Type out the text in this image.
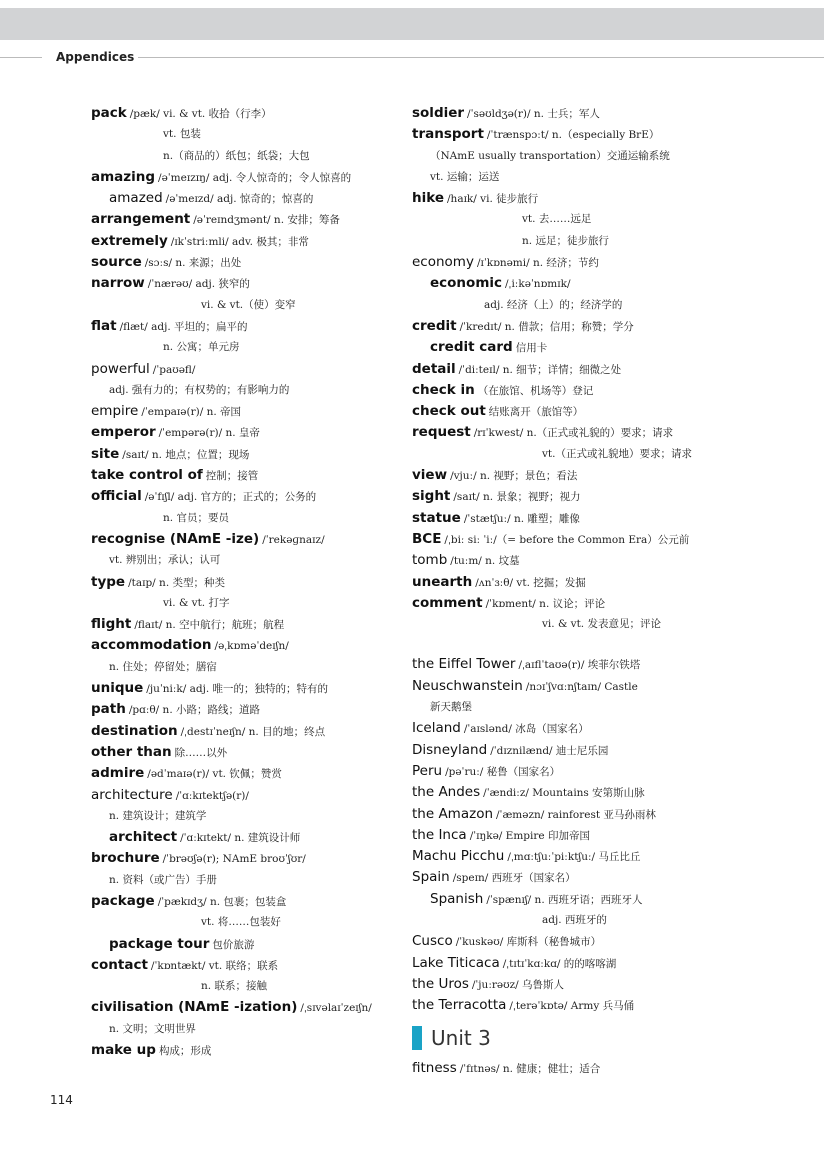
Appendices
pack /pæk/ vi. & vt. 收拾（行李）
vt. 包装
n.（商品的）纸包；纸袋；大包
amazing /əˈmeɪzɪŋ/ adj. 令人惊奇的；令人惊喜的
amazed /əˈmeɪzd/ adj. 惊奇的；惊喜的
arrangement /əˈreɪndʒmənt/ n. 安排；筹备
extremely /ɪkˈstriːmli/ adv. 极其；非常
source /sɔːs/ n. 来源；出处
narrow /ˈnærəʊ/ adj. 狭窄的
vi. & vt.（使）变窄
flat /flæt/ adj. 平坦的；扁平的
n. 公寓；单元房
powerful /ˈpaʊəfl/
adj. 强有力的；有权势的；有影响力的
empire /ˈempaɪə(r)/ n. 帝国
emperor /ˈempərə(r)/ n. 皇帝
site /saɪt/ n. 地点；位置；现场
take control of 控制；接管
official /əˈfɪʃl/ adj. 官方的；正式的；公务的
n. 官员；要员
recognise (NAmE -ize) /ˈrekəɡnaɪz/
vt. 辨别出；承认；认可
type /taɪp/ n. 类型；种类
vi. & vt. 打字
flight /flaɪt/ n. 空中航行；航班；航程
accommodation /əˌkɒməˈdeɪʃn/
n. 住处；停留处；膳宿
unique /juˈniːk/ adj. 唯一的；独特的；特有的
path /pɑːθ/ n. 小路；路线；道路
destination /ˌdestɪˈneɪʃn/ n. 目的地；终点
other than 除……以外
admire /ədˈmaɪə(r)/ vt. 钦佩；赞赏
architecture /ˈɑːkɪtektʃə(r)/
n. 建筑设计；建筑学
architect /ˈɑːkɪtekt/ n. 建筑设计师
brochure /ˈbrəʊʃə(r); NAmE broʊˈʃʊr/
n. 资料（或广告）手册
package /ˈpækɪdʒ/ n. 包裹；包装盒
vt. 将……包装好
package tour 包价旅游
contact /ˈkɒntækt/ vt. 联络；联系
n. 联系；接触
civilisation (NAmE -ization) /ˌsɪvəlaɪˈzeɪʃn/
n. 文明；文明世界
make up 构成；形成
soldier /ˈsəʊldʒə(r)/ n. 士兵；军人
transport /ˈtrænspɔːt/ n.（especially BrE）
（NAmE usually transportation）交通运输系统
vt. 运输；运送
hike /haɪk/ vi. 徒步旅行
vt. 去……远足
n. 远足；徒步旅行
economy /ɪˈkɒnəmi/ n. 经济；节约
economic /ˌiːkəˈnɒmɪk/
adj. 经济（上）的；经济学的
credit /ˈkredɪt/ n. 借款；信用；称赞；学分
credit card 信用卡
detail /ˈdiːteɪl/ n. 细节；详情；细微之处
check in （在旅馆、机场等）登记
check out 结账离开（旅馆等）
request /rɪˈkwest/ n.（正式或礼貌的）要求；请求
vt.（正式或礼貌地）要求；请求
view /vjuː/ n. 视野；景色；看法
sight /saɪt/ n. 景象；视野；视力
statue /ˈstætʃuː/ n. 雕塑；雕像
BCE /ˌbiː siː ˈiː/（= before the Common Era）公元前
tomb /tuːm/ n. 坟墓
unearth /ʌnˈɜːθ/ vt. 挖掘；发掘
comment /ˈkɒment/ n. 议论；评论
vi. & vt. 发表意见；评论
the Eiffel Tower /ˌaɪflˈtaʊə(r)/ 埃菲尔铁塔
Neuschwanstein /nɔɪˈʃvɑːnʃtaɪn/ Castle
新天鹅堡
Iceland /ˈaɪslənd/ 冰岛（国家名）
Disneyland /ˈdɪznilænd/ 迪士尼乐园
Peru /pəˈruː/ 秘鲁（国家名）
the Andes /ˈændiːz/ Mountains 安第斯山脉
the Amazon /ˈæməzn/ rainforest 亚马孙雨林
the Inca /ˈɪŋkə/ Empire 印加帝国
Machu Picchu /ˌmɑːtʃuːˈpiːktʃuː/ 马丘比丘
Spain /speɪn/ 西班牙（国家名）
Spanish /ˈspænɪʃ/ n. 西班牙语；西班牙人
adj. 西班牙的
Cusco /ˈkuskəʊ/ 库斯科（秘鲁城市）
Lake Titicaca /ˌtɪtɪˈkɑːkɑ/ 的的喀喀湖
the Uros /ˈjuːrəʊz/ 乌鲁斯人
the Terracotta /ˌterəˈkɒtə/ Army 兵马俑
Unit 3
fitness /ˈfɪtnəs/ n. 健康；健壮；适合
114
